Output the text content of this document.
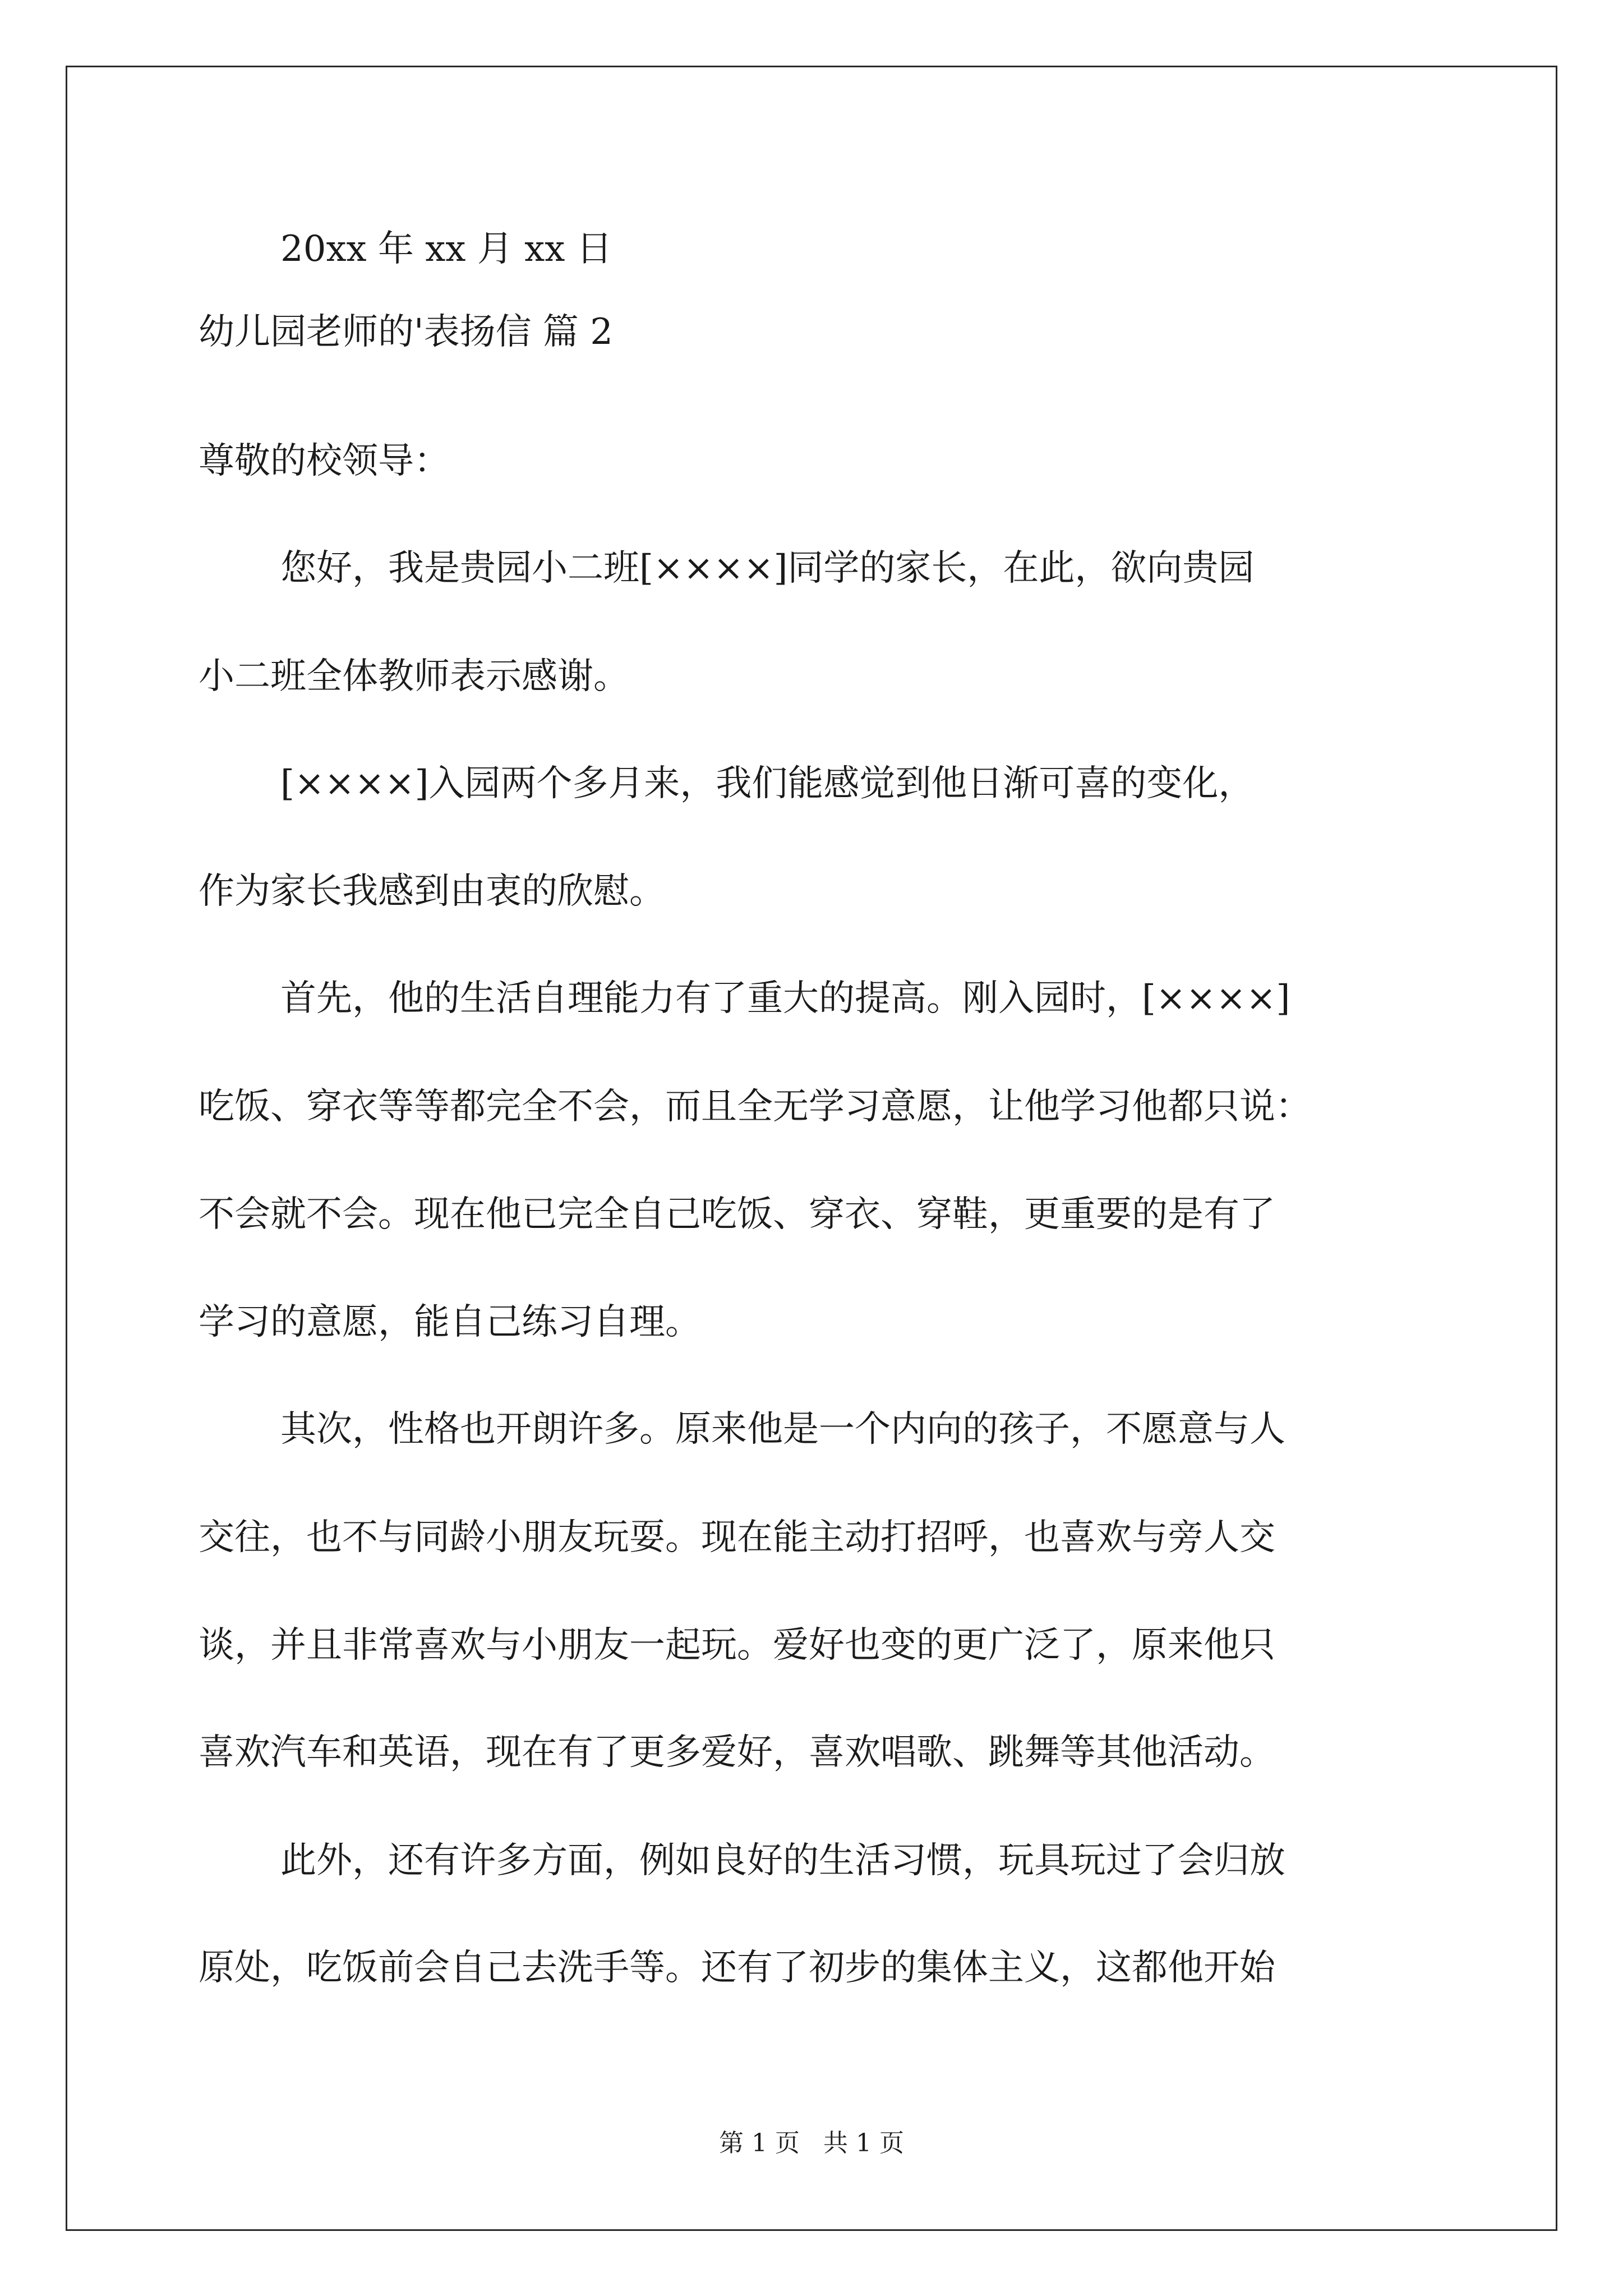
20xx 年 xx 月 xx 日

幼儿园老师的'表扬信 篇 2

尊敬的校领导：

您好，我是贵园小二班[××××]同学的家长，在此，欲向贵园

小二班全体教师表示感谢。

[××××]入园两个多月来，我们能感觉到他日渐可喜的变化，

作为家长我感到由衷的欣慰。

首先，他的生活自理能力有了重大的提高。刚入园时，[××××]

吃饭、穿衣等等都完全不会，而且全无学习意愿，让他学习他都只说：

不会就不会。现在他已完全自己吃饭、穿衣、穿鞋，更重要的是有了

学习的意愿，能自己练习自理。

其次，性格也开朗许多。原来他是一个内向的孩子，不愿意与人

交往，也不与同龄小朋友玩耍。现在能主动打招呼，也喜欢与旁人交

谈，并且非常喜欢与小朋友一起玩。爱好也变的更广泛了，原来他只

喜欢汽车和英语，现在有了更多爱好，喜欢唱歌、跳舞等其他活动。

此外，还有许多方面，例如良好的生活习惯，玩具玩过了会归放

原处，吃饭前会自己去洗手等。还有了初步的集体主义，这都他开始

第 1 页   共 1 页
